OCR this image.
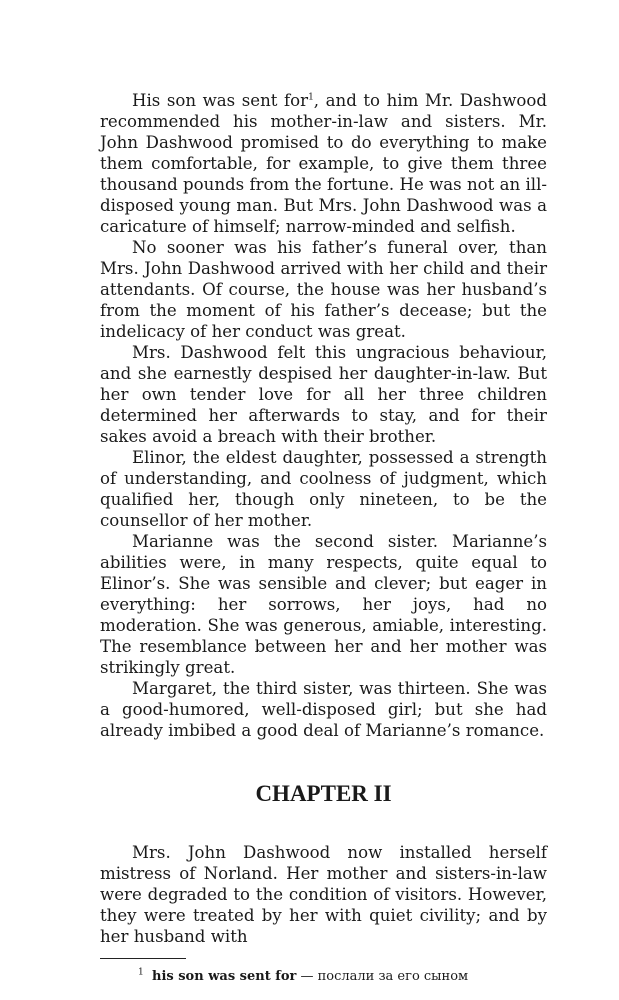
His son was sent for$^1$, and to him Mr. Dashwood recommended his mother-in-law and sisters. Mr. John Dashwood promised to do everything to make them comfortable, for example, to give them three thousand pounds from the fortune. He was not an ill-disposed young man. But Mrs. John Dashwood was a caricature of himself; narrow-minded and selfish.

No sooner was his father’s funeral over, than Mrs. John Dashwood arrived with her child and their attendants. Of course, the house was her husband’s from the moment of his father’s decease; but the indelicacy of her conduct was great.

Mrs. Dashwood felt this ungracious behaviour, and she earnestly despised her daughter-in-law. But her own tender love for all her three children determined her afterwards to stay, and for their sakes avoid a breach with their brother.

Elinor, the eldest daughter, possessed a strength of understanding, and coolness of judgment, which qualified her, though only nineteen, to be the counsellor of her mother.

Marianne was the second sister. Marianne’s abilities were, in many respects, quite equal to Elinor’s. She was sensible and clever; but eager in everything: her sorrows, her joys, had no moderation. She was generous, amiable, interesting. The resemblance between her and her mother was strikingly great.

Margaret, the third sister, was thirteen. She was a good-humored, well-disposed girl; but she had already imbibed a good deal of Marianne’s romance.

CHAPTER II

Mrs. John Dashwood now installed herself mistress of Norland. Her mother and sisters-in-law were degraded to the condition of visitors. However, they were treated by her with quiet civility; and by her husband with

$^1$ his son was sent for — послали за его сыном
